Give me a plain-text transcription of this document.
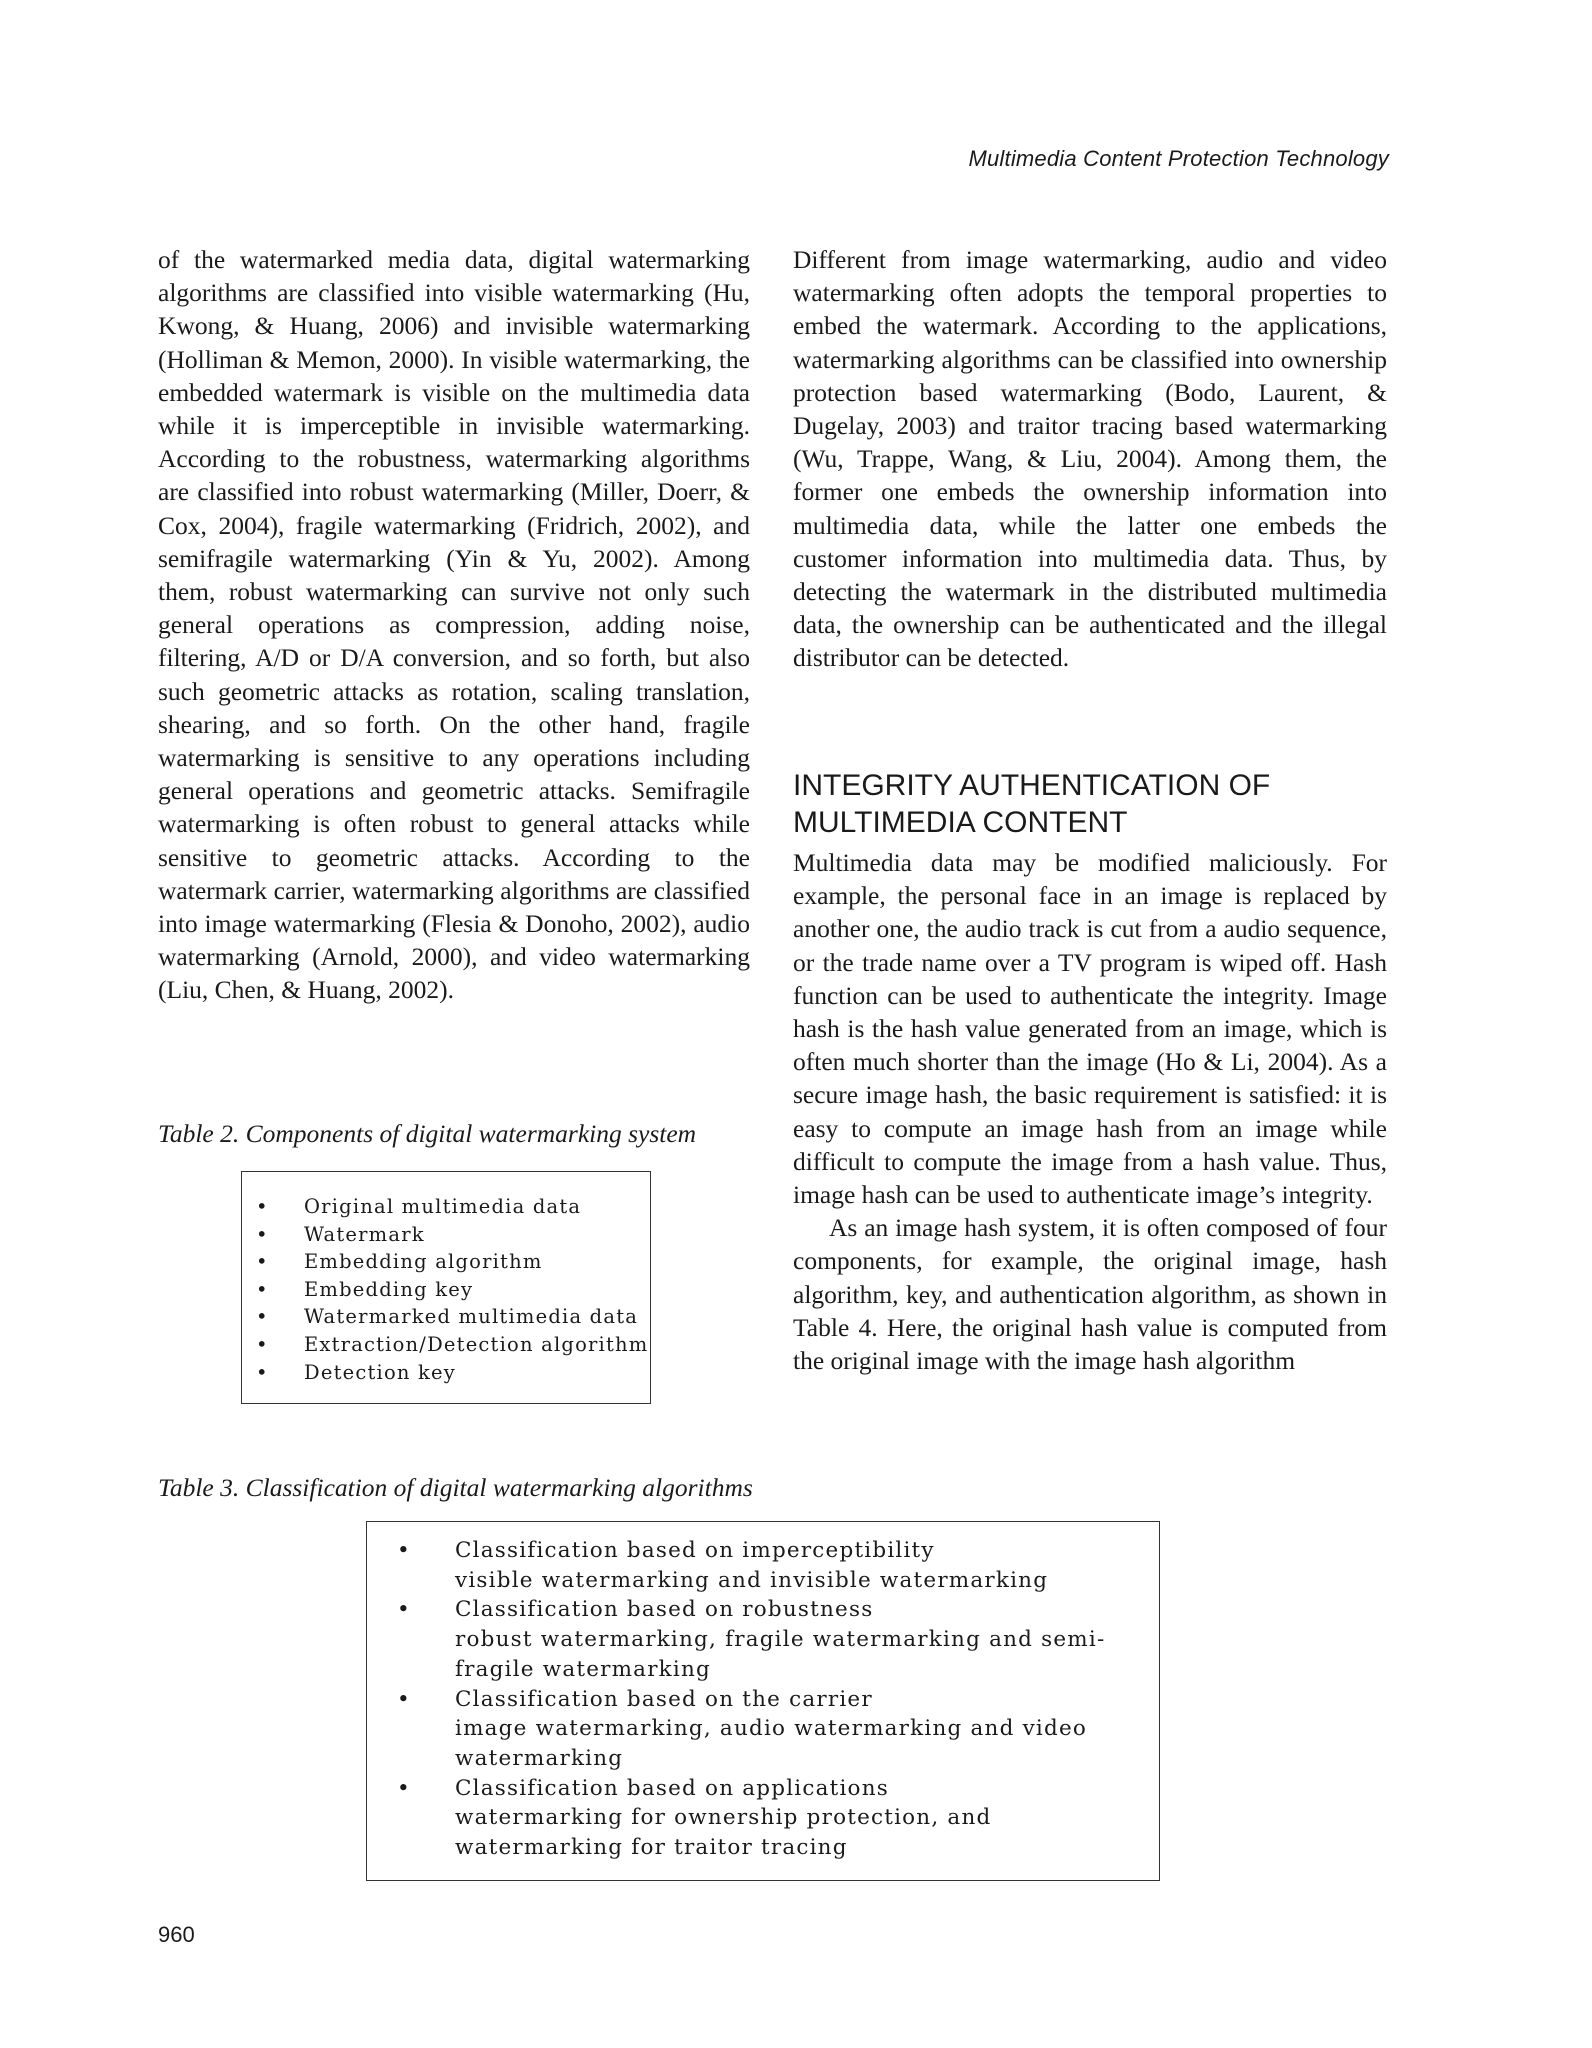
Multimedia Content Protection Technology

of the watermarked media data, digital watermarking algorithms are classified into visible watermarking (Hu, Kwong, & Huang, 2006) and invisible watermarking (Holliman & Memon, 2000). In visible watermarking, the embedded watermark is visible on the multimedia data while it is imperceptible in invisible watermarking. According to the robustness, watermarking algorithms are classified into robust watermarking (Miller, Doerr, & Cox, 2004), fragile watermarking (Fridrich, 2002), and semifragile watermarking (Yin & Yu, 2002). Among them, robust watermarking can survive not only such general operations as compression, adding noise, filtering, A/D or D/A conversion, and so forth, but also such geometric attacks as rotation, scaling translation, shearing, and so forth. On the other hand, fragile watermarking is sensitive to any operations including general operations and geometric attacks. Semifragile watermarking is often robust to general attacks while sensitive to geometric attacks. According to the watermark carrier, watermarking algorithms are classified into image watermarking (Flesia & Donoho, 2002), audio watermarking (Arnold, 2000), and video watermarking (Liu, Chen, & Huang, 2002).

Different from image watermarking, audio and video watermarking often adopts the temporal properties to embed the watermark. According to the applications, watermarking algorithms can be classified into ownership protection based watermarking (Bodo, Laurent, & Dugelay, 2003) and traitor tracing based watermarking (Wu, Trappe, Wang, & Liu, 2004). Among them, the former one embeds the ownership information into multimedia data, while the latter one embeds the customer information into multimedia data. Thus, by detecting the watermark in the distributed multimedia data, the ownership can be authenticated and the illegal distributor can be detected.

INTEGRITY AUTHENTICATION OF MULTIMEDIA CONTENT

Multimedia data may be modified maliciously. For example, the personal face in an image is replaced by another one, the audio track is cut from a audio sequence, or the trade name over a TV program is wiped off. Hash function can be used to authenticate the integrity. Image hash is the hash value generated from an image, which is often much shorter than the image (Ho & Li, 2004). As a secure image hash, the basic requirement is satisfied: it is easy to compute an image hash from an image while difficult to compute the image from a hash value. Thus, image hash can be used to authenticate image’s integrity.

As an image hash system, it is often composed of four components, for example, the original image, hash algorithm, key, and authentication algorithm, as shown in Table 4. Here, the original hash value is computed from the original image with the image hash algorithm

Table 2. Components of digital watermarking system
•	Original multimedia data
•	Watermark
•	Embedding algorithm
•	Embedding key
•	Watermarked multimedia data
•	Extraction/Detection algorithm
•	Detection key
Table 3. Classification of digital watermarking algorithms
•	Classification based on imperceptibility
visible watermarking and invisible watermarking
•	Classification based on robustness
robust watermarking, fragile watermarking and semi-fragile watermarking
•	Classification based on the carrier
image watermarking, audio watermarking and video watermarking
•	Classification based on applications
watermarking for ownership protection, and watermarking for traitor tracing
960
